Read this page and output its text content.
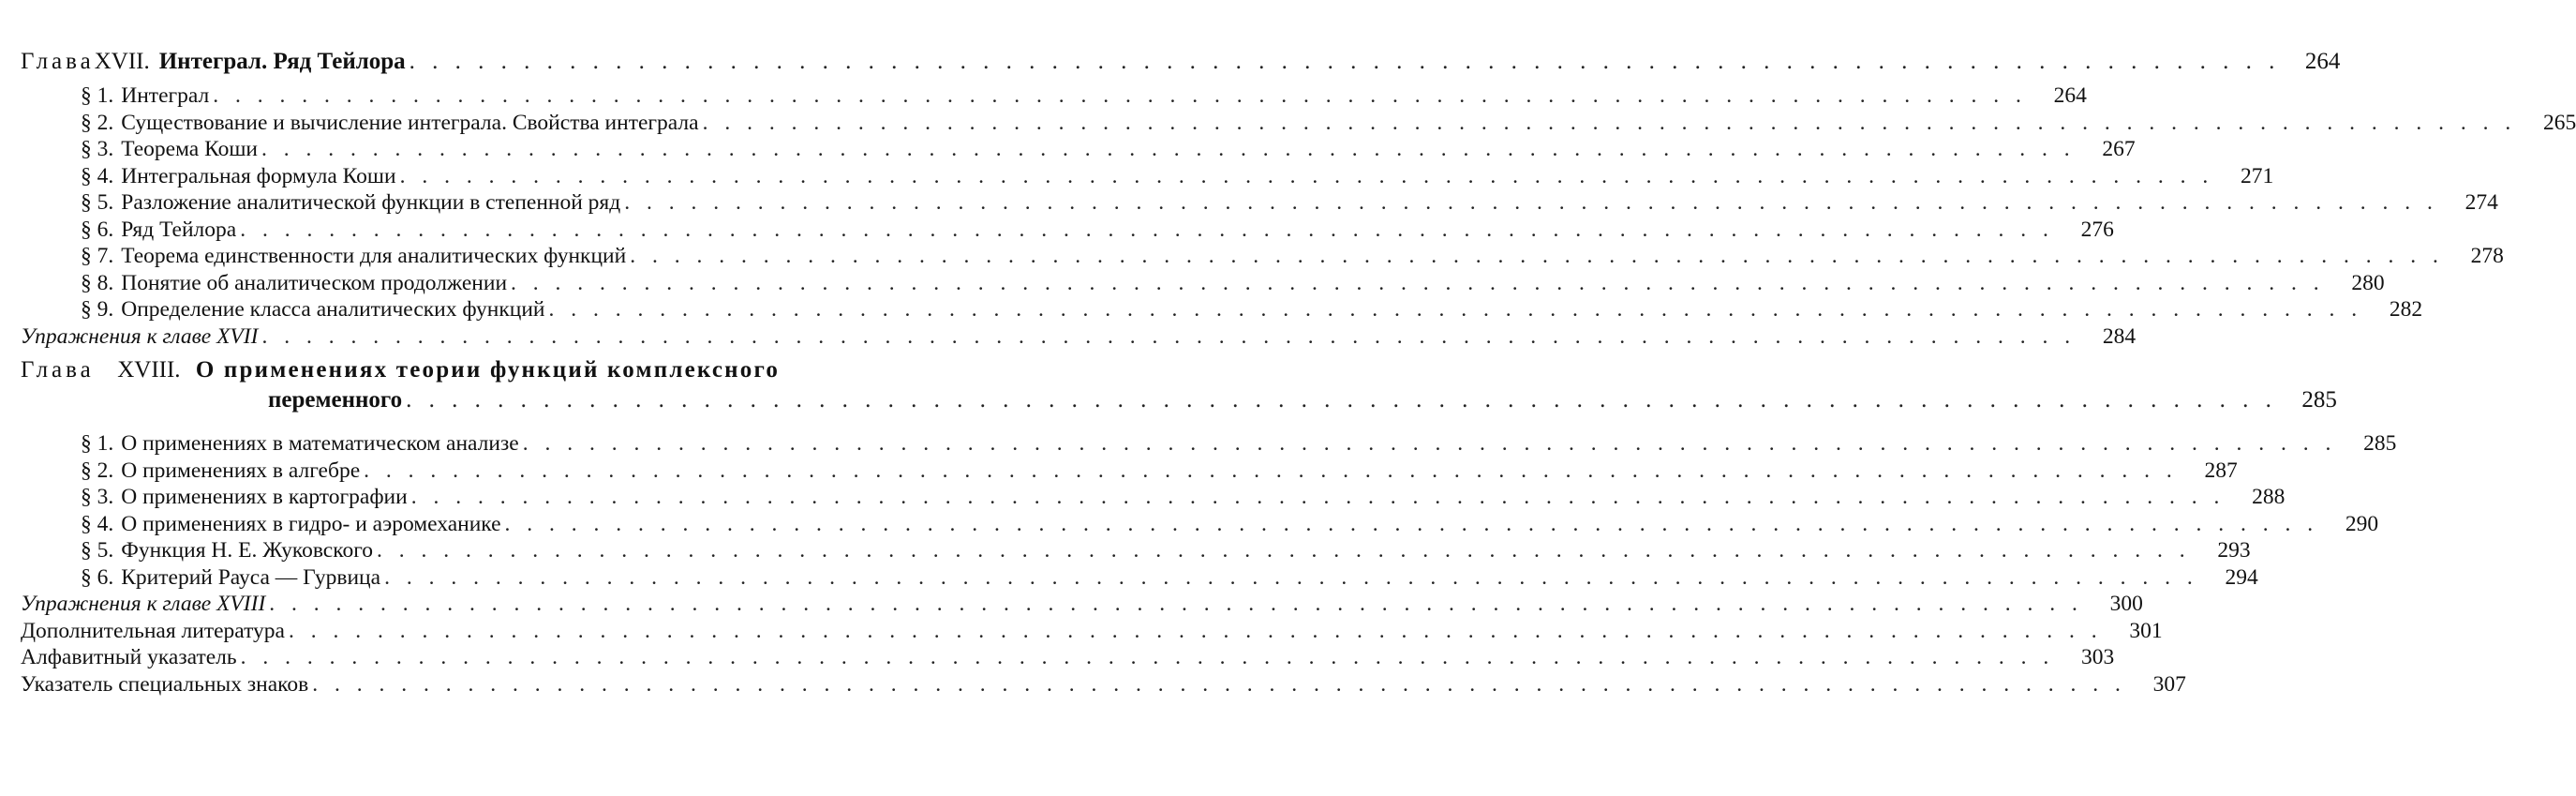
Глава XVII. Интеграл. Ряд Тейлора . . . . . . . . . . . . . . . . . . . . . . . . . . . . . . . . . . . . . . . . . . . . . . . . . . . . . . . . . . . . . . . . . . . . . . . . . . . . . . . . . .	264
§ 1. Интеграл . . . . . . . . . . . . . . . . . . . . . . . . . . . . . . . . . . . . . . . . . . . . . . . . . . . . . . . . . . . . . . . . . . . . . . . . . . . . . . . . . .	264
§ 2. Существование и вычисление интеграла. Свойства интеграла . . . . . . . . . . . . . . . . . . . . . . . . . . . . . . . . . . . . . . . . . . . . . . . . . . . . . . . . . . . . . . . . . . . . . . . . . . . . . . . . . .	265
§ 3. Теорема Коши . . . . . . . . . . . . . . . . . . . . . . . . . . . . . . . . . . . . . . . . . . . . . . . . . . . . . . . . . . . . . . . . . . . . . . . . . . . . . . . . . .	267
§ 4. Интегральная формула Коши . . . . . . . . . . . . . . . . . . . . . . . . . . . . . . . . . . . . . . . . . . . . . . . . . . . . . . . . . . . . . . . . . . . . . . . . . . . . . . . . . .	271
§ 5. Разложение аналитической функции в степенной ряд . . . . . . . . . . . . . . . . . . . . . . . . . . . . . . . . . . . . . . . . . . . . . . . . . . . . . . . . . . . . . . . . . . . . . . . . . . . . . . . . . .	274
§ 6. Ряд Тейлора . . . . . . . . . . . . . . . . . . . . . . . . . . . . . . . . . . . . . . . . . . . . . . . . . . . . . . . . . . . . . . . . . . . . . . . . . . . . . . . . . .	276
§ 7. Теорема единственности для аналитических функций . . . . . . . . . . . . . . . . . . . . . . . . . . . . . . . . . . . . . . . . . . . . . . . . . . . . . . . . . . . . . . . . . . . . . . . . . . . . . . . . . .	278
§ 8. Понятие об аналитическом продолжении . . . . . . . . . . . . . . . . . . . . . . . . . . . . . . . . . . . . . . . . . . . . . . . . . . . . . . . . . . . . . . . . . . . . . . . . . . . . . . . . . .	280
§ 9. Определение класса аналитических функций . . . . . . . . . . . . . . . . . . . . . . . . . . . . . . . . . . . . . . . . . . . . . . . . . . . . . . . . . . . . . . . . . . . . . . . . . . . . . . . . . .	282
Упражнения к главе XVII . . . . . . . . . . . . . . . . . . . . . . . . . . . . . . . . . . . . . . . . . . . . . . . . . . . . . . . . . . . . . . . . . . . . . . . . . . . . . . . . . .	284
Глава XVIII. О применениях теории функций комплексного
переменного . . . . . . . . . . . . . . . . . . . . . . . . . . . . . . . . . . . . . . . . . . . . . . . . . . . . . . . . . . . . . . . . . . . . . . . . . . . . . . . . . .	285
§ 1. О применениях в математическом анализе . . . . . . . . . . . . . . . . . . . . . . . . . . . . . . . . . . . . . . . . . . . . . . . . . . . . . . . . . . . . . . . . . . . . . . . . . . . . . . . . . .	285
§ 2. О применениях в алгебре . . . . . . . . . . . . . . . . . . . . . . . . . . . . . . . . . . . . . . . . . . . . . . . . . . . . . . . . . . . . . . . . . . . . . . . . . . . . . . . . . .	287
§ 3. О применениях в картографии . . . . . . . . . . . . . . . . . . . . . . . . . . . . . . . . . . . . . . . . . . . . . . . . . . . . . . . . . . . . . . . . . . . . . . . . . . . . . . . . . .	288
§ 4. О применениях в гидро- и аэромеханике . . . . . . . . . . . . . . . . . . . . . . . . . . . . . . . . . . . . . . . . . . . . . . . . . . . . . . . . . . . . . . . . . . . . . . . . . . . . . . . . . .	290
§ 5. Функция Н. Е. Жуковского . . . . . . . . . . . . . . . . . . . . . . . . . . . . . . . . . . . . . . . . . . . . . . . . . . . . . . . . . . . . . . . . . . . . . . . . . . . . . . . . . .	293
§ 6. Критерий Рауса — Гурвица . . . . . . . . . . . . . . . . . . . . . . . . . . . . . . . . . . . . . . . . . . . . . . . . . . . . . . . . . . . . . . . . . . . . . . . . . . . . . . . . . .	294
Упражнения к главе XVIII . . . . . . . . . . . . . . . . . . . . . . . . . . . . . . . . . . . . . . . . . . . . . . . . . . . . . . . . . . . . . . . . . . . . . . . . . . . . . . . . . .	300
Дополнительная литература . . . . . . . . . . . . . . . . . . . . . . . . . . . . . . . . . . . . . . . . . . . . . . . . . . . . . . . . . . . . . . . . . . . . . . . . . . . . . . . . . .	301
Алфавитный указатель . . . . . . . . . . . . . . . . . . . . . . . . . . . . . . . . . . . . . . . . . . . . . . . . . . . . . . . . . . . . . . . . . . . . . . . . . . . . . . . . . .	303
Указатель специальных знаков . . . . . . . . . . . . . . . . . . . . . . . . . . . . . . . . . . . . . . . . . . . . . . . . . . . . . . . . . . . . . . . . . . . . . . . . . . . . . . . . . .	307
